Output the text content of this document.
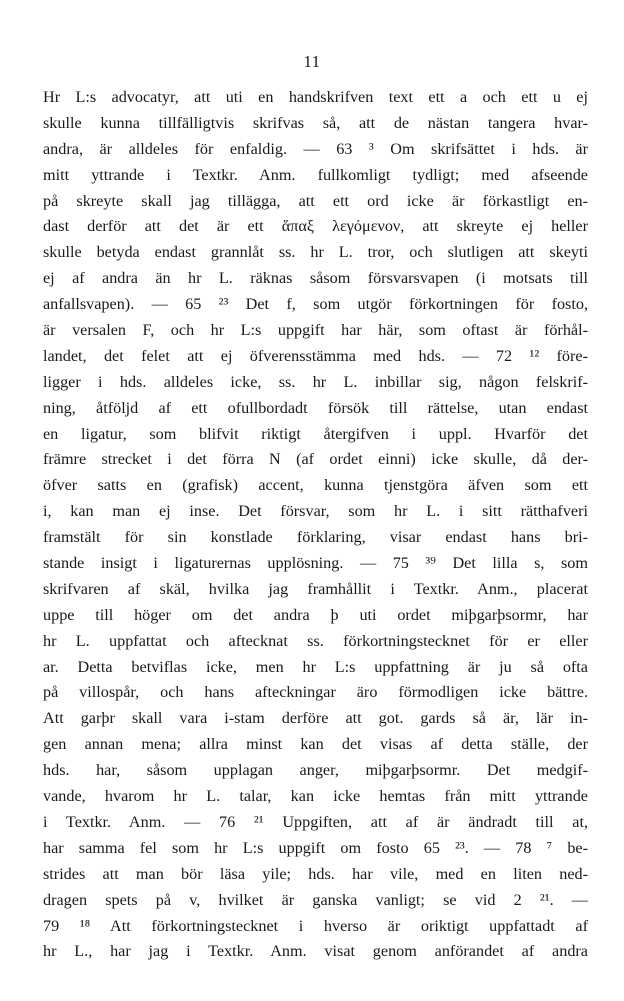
11
Hr L:s advocatyr, att uti en handskrifven text ett a och ett u ej
skulle kunna tillfälligtvis skrifvas så, att de nästan tangera hvar-
andra, är alldeles för enfaldig. — 63 ³ Om skrifsättet i hds. är
mitt yttrande i Textkr. Anm. fullkomligt tydligt; med afseende
på skreyte skall jag tillägga, att ett ord icke är förkastligt en-
dast derför att det är ett ἅπαξ λεγόμενον, att skreyte ej heller
skulle betyda endast grannlåt ss. hr L. tror, och slutligen att skeyti
ej af andra än hr L. räknas såsom försvarsvapen (i motsats till
anfallsvapen). — 65 ²³ Det f, som utgör förkortningen för fosto,
är versalen F, och hr L:s uppgift har här, som oftast är förhål-
landet, det felet att ej öfverensstämma med hds. — 72 ¹² före-
ligger i hds. alldeles icke, ss. hr L. inbillar sig, någon felskrif-
ning, åtföljd af ett ofullbordadt försök till rättelse, utan endast
en ligatur, som blifvit riktigt återgifven i uppl. Hvarför det
främre strecket i det förra N (af ordet einni) icke skulle, då der-
öfver satts en (grafisk) accent, kunna tjenstgöra äfven som ett
i, kan man ej inse. Det försvar, som hr L. i sitt rätthafveri
framstält för sin konstlade förklaring, visar endast hans bri-
stande insigt i ligaturernas upplösning. — 75 ³⁹ Det lilla s, som
skrifvaren af skäl, hvilka jag framhållit i Textkr. Anm., placerat
uppe till höger om det andra þ uti ordet miþgarþsormr, har
hr L. uppfattat och aftecknat ss. förkortningstecknet för er eller
ar. Detta betviflas icke, men hr L:s uppfattning är ju så ofta
på villospår, och hans afteckningar äro förmodligen icke bättre.
Att garþr skall vara i-stam derföre att got. gards så är, lär in-
gen annan mena; allra minst kan det visas af detta ställe, der
hds. har, såsom upplagan anger, miþgarþsormr. Det medgif-
vande, hvarom hr L. talar, kan icke hemtas från mitt yttrande
i Textkr. Anm. — 76 ²¹ Uppgiften, att af är ändradt till at,
har samma fel som hr L:s uppgift om fosto 65 ²³. — 78 ⁷ be-
strides att man bör läsa yile; hds. har vile, med en liten ned-
dragen spets på v, hvilket är ganska vanligt; se vid 2 ²¹. —
79 ¹⁸ Att förkortningstecknet i hverso är oriktigt uppfattadt af
hr L., har jag i Textkr. Anm. visat genom anförandet af andra
